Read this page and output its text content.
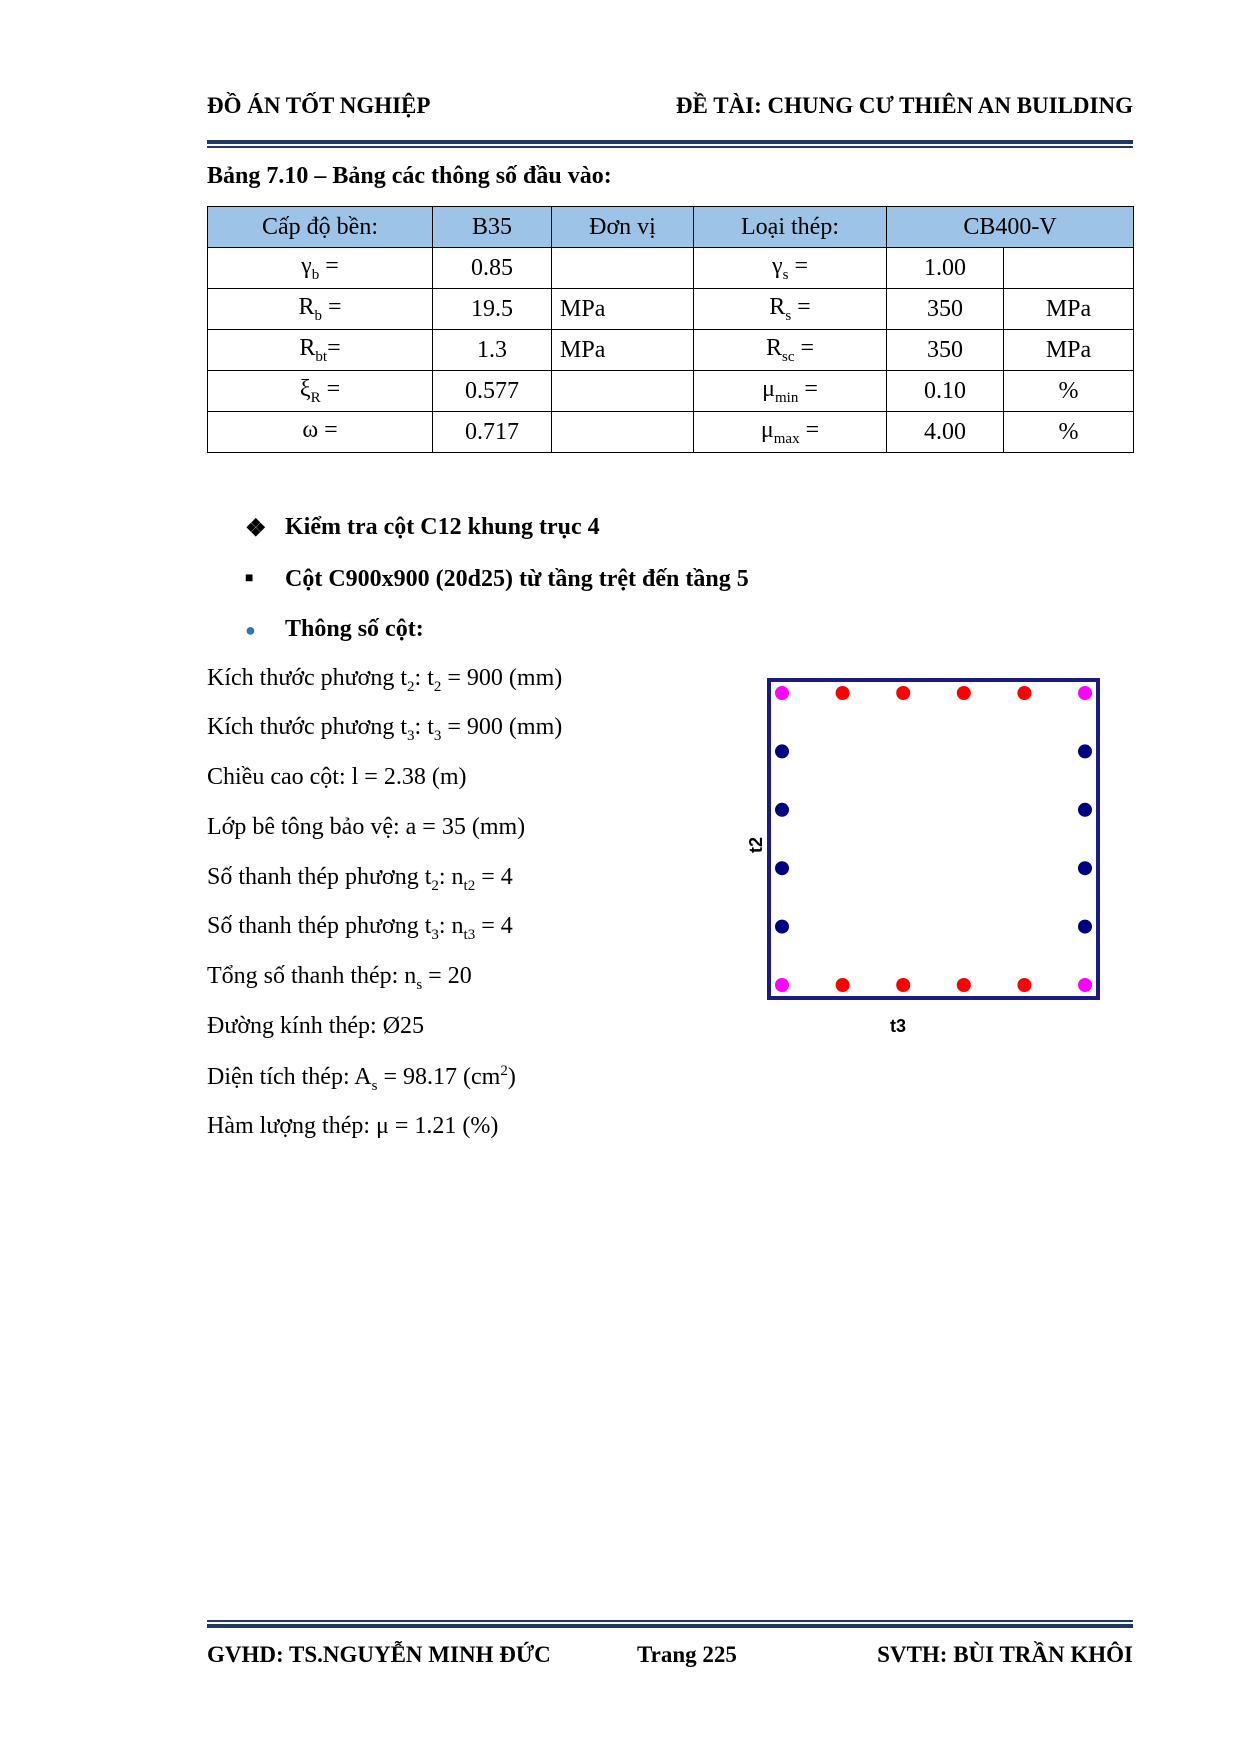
ĐỒ ÁN TỐT NGHIỆP	ĐỀ TÀI: CHUNG CƯ THIÊN AN BUILDING
Bảng 7.10 – Bảng các thông số đầu vào:
Cấp độ bền:	B35	Đơn vị	Loại thép:	CB400-V	
$\gamma_b$ =	0.85		$\gamma_s$ =	1.00	
$R_b$ =	19.5	MPa	$R_s$ =	350	MPa
$R_{bt}=$	1.3	MPa	$R_{sc}$ =	350	MPa
$\xi_R$ =	0.577		$\mu_{min}$ =	0.10	%
ω =	0.717		$\mu_{max}$ =	4.00	%
❖ Kiểm tra cột C12 khung trục 4
■ Cột C900x900 (20d25) từ tầng trệt đến tầng 5
● Thông số cột:
Kích thước phương $t_2$: $t_2 = 900$ (mm)
Kích thước phương $t_3$: $t_3 = 900$ (mm)
Chiều cao cột: l = 2.38 (m)
Lớp bê tông bảo vệ: a = 35 (mm)
Số thanh thép phương $t_2$: $n_{t2} = 4$
Số thanh thép phương $t_3$: $n_{t3} = 4$
Tổng số thanh thép: $n_s = 20$
Đường kính thép: Ø25
Diện tích thép: $A_s = 98.17$ $(cm^2)$
Hàm lượng thép: μ = 1.21 (%)
t2
t3
GVHD: TS.NGUYỄN MINH ĐỨC	Trang 225	SVTH: BÙI TRẦN KHÔI
